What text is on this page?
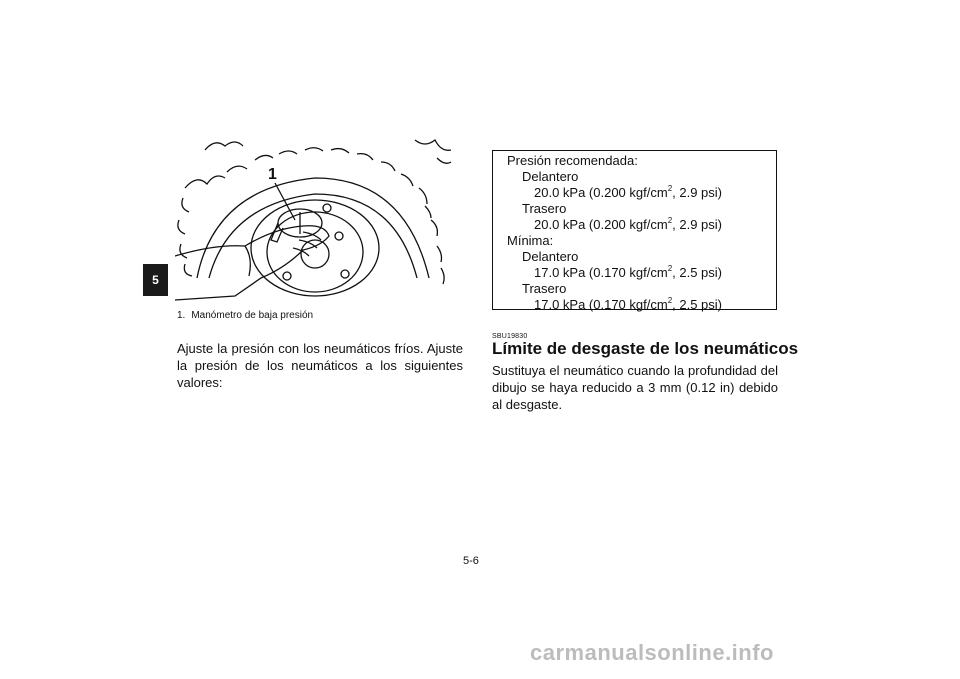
5
1
1. Manómetro de baja presión
Ajuste la presión con los neumáticos fríos. Ajuste la presión de los neumáticos a los siguientes valores:
Presión recomendada:
Delantero
20.0 kPa (0.200 kgf/$cm^2$, 2.9 psi)
Trasero
20.0 kPa (0.200 kgf/$cm^2$, 2.9 psi)
Mínima:
Delantero
17.0 kPa (0.170 kgf/$cm^2$, 2.5 psi)
Trasero
17.0 kPa (0.170 kgf/$cm^2$, 2.5 psi)
SBU19830
Límite de desgaste de los neumáticos
Sustituya el neumático cuando la profundidad del dibujo se haya reducido a 3 mm (0.12 in) debido al desgaste.
5-6
carmanualsonline.info
